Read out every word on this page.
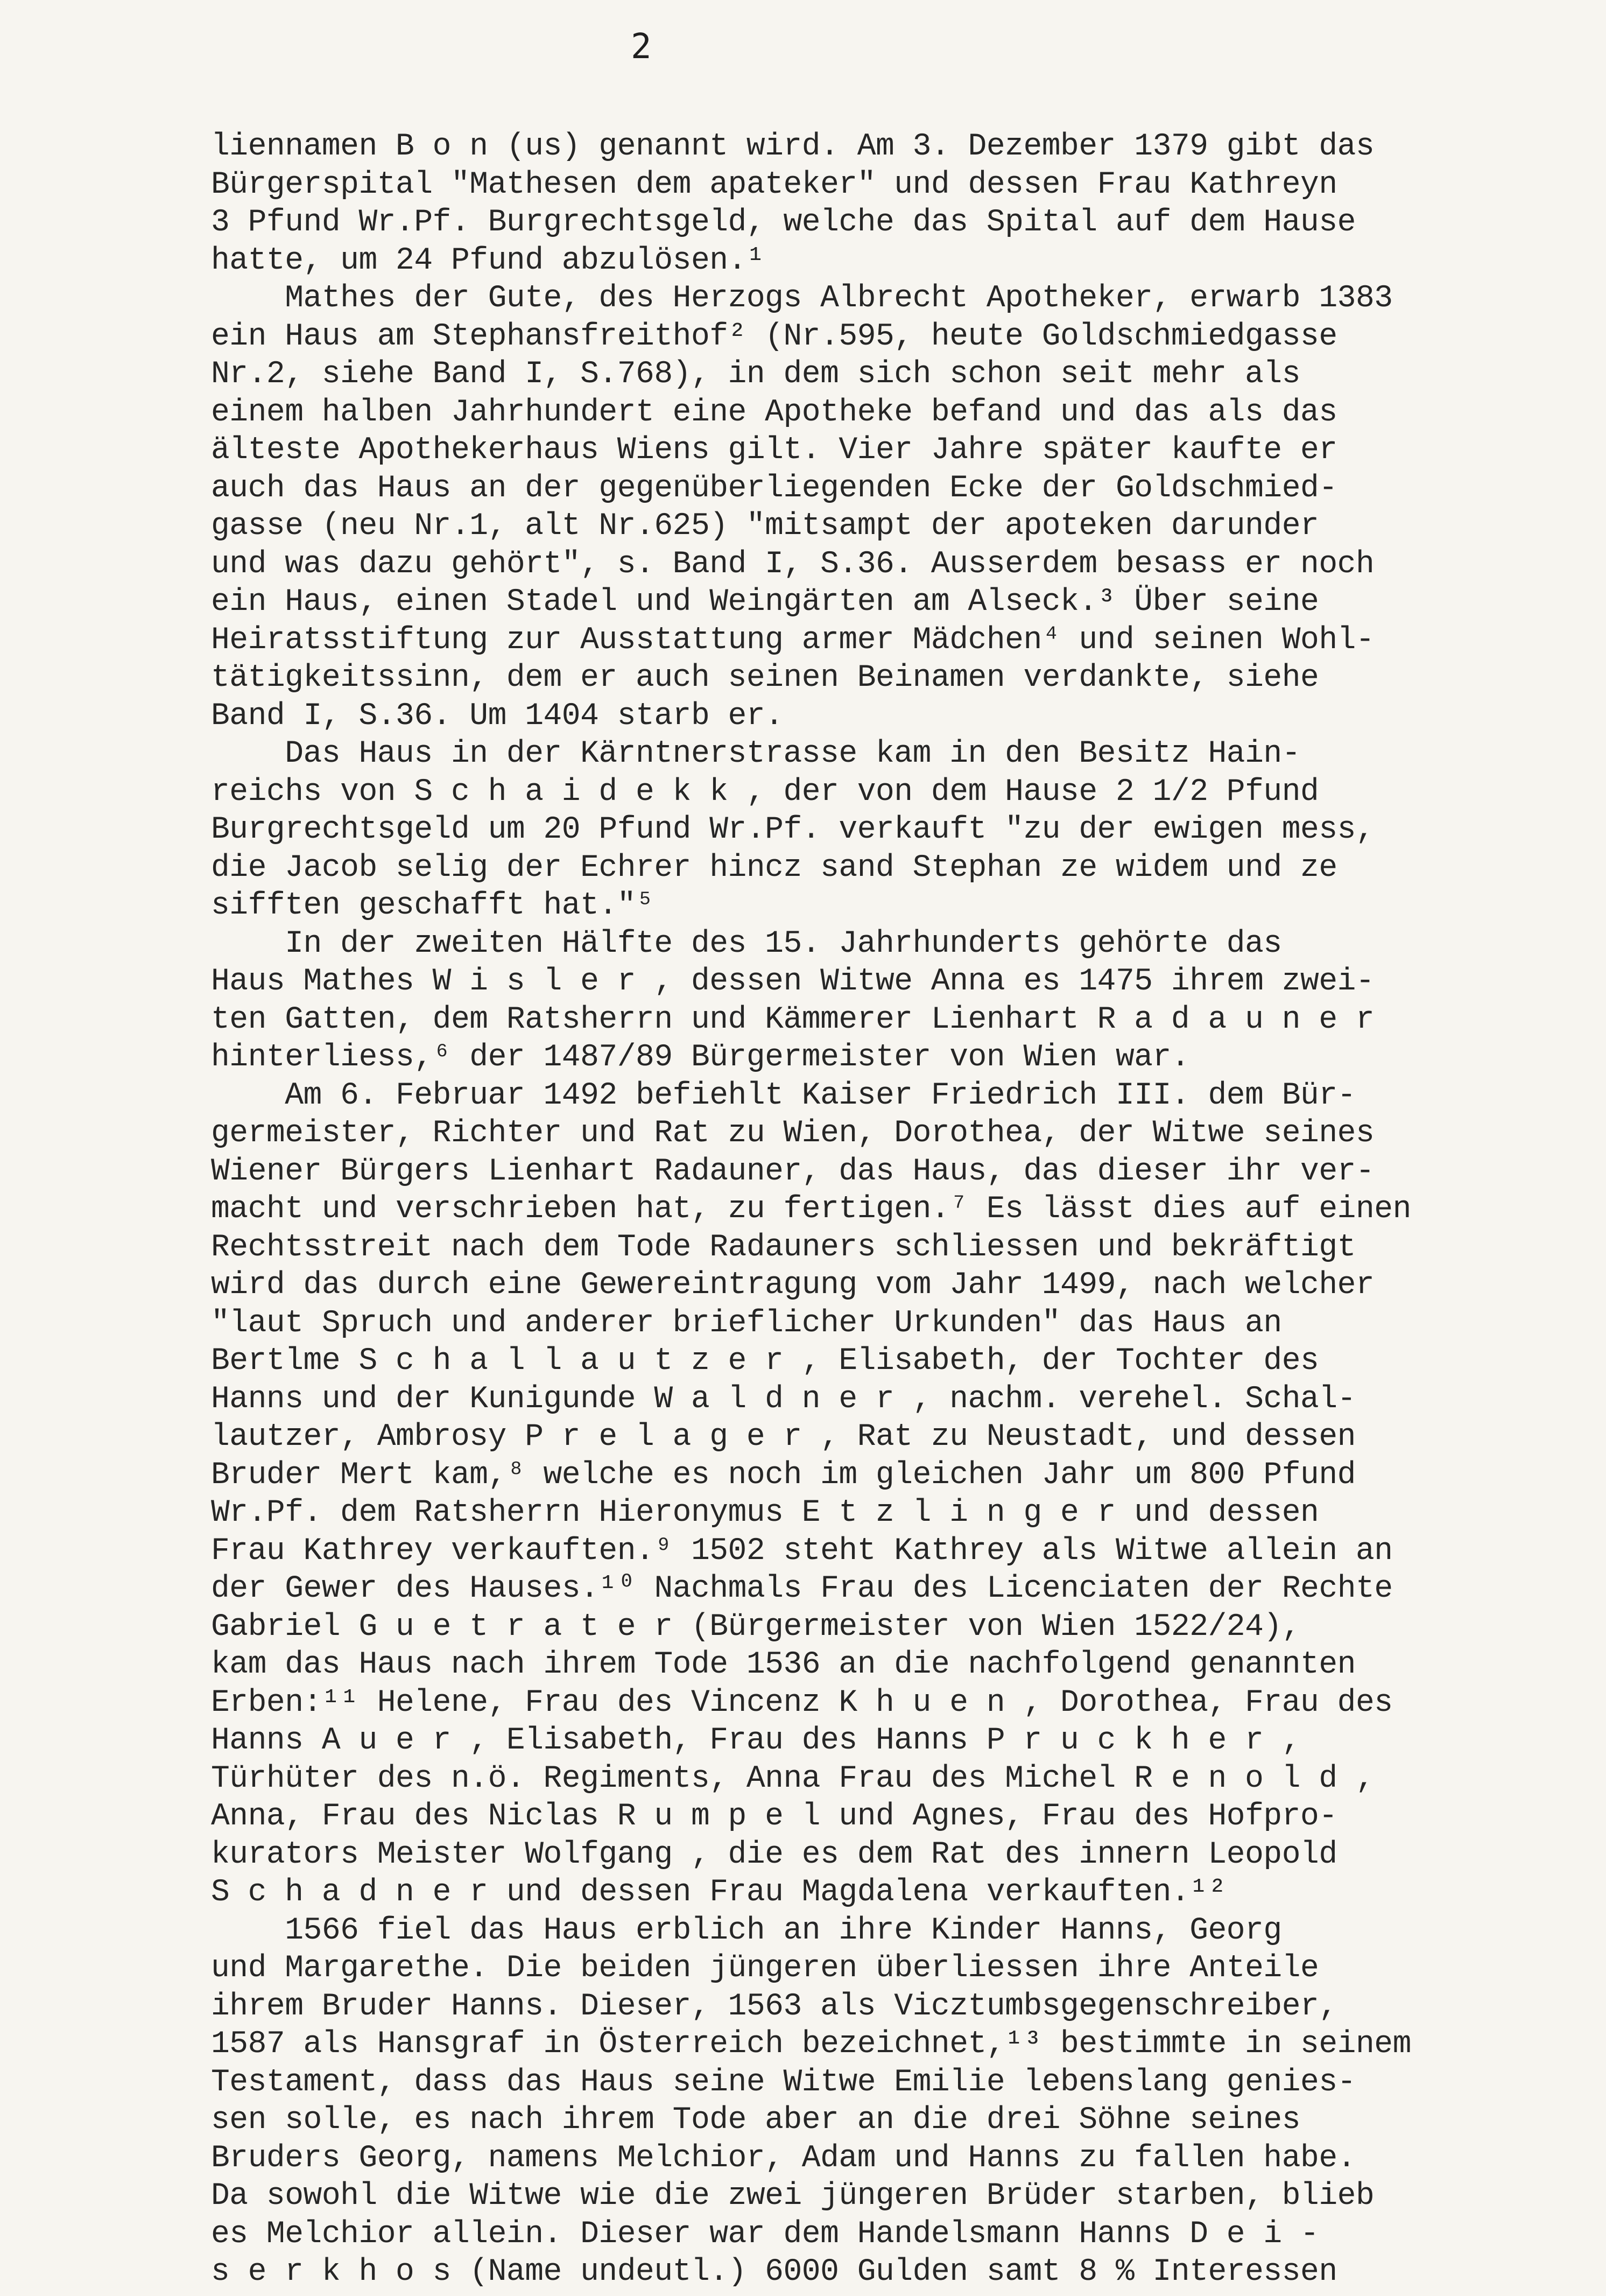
2

liennamen B o n (us) genannt wird. Am 3. Dezember 1379 gibt das
Bürgerspital "Mathesen dem apateker" und dessen Frau Kathreyn
3 Pfund Wr.Pf. Burgrechtsgeld, welche das Spital auf dem Hause
hatte, um 24 Pfund abzulösen.¹
Mathes der Gute, des Herzogs Albrecht Apotheker, erwarb 1383
ein Haus am Stephansfreithof² (Nr.595, heute Goldschmiedgasse
Nr.2, siehe Band I, S.768), in dem sich schon seit mehr als
einem halben Jahrhundert eine Apotheke befand und das als das
älteste Apothekerhaus Wiens gilt. Vier Jahre später kaufte er
auch das Haus an der gegenüberliegenden Ecke der Goldschmied-
gasse (neu Nr.1, alt Nr.625) "mitsampt der apoteken darunder
und was dazu gehört", s. Band I, S.36. Ausserdem besass er noch
ein Haus, einen Stadel und Weingärten am Alseck.³ Über seine
Heiratsstiftung zur Ausstattung armer Mädchen⁴ und seinen Wohl-
tätigkeitssinn, dem er auch seinen Beinamen verdankte, siehe
Band I, S.36. Um 1404 starb er.
Das Haus in der Kärntnerstrasse kam in den Besitz Hain-
reichs von S c h a i d e k k , der von dem Hause 2 1/2 Pfund
Burgrechtsgeld um 20 Pfund Wr.Pf. verkauft "zu der ewigen mess,
die Jacob selig der Echrer hincz sand Stephan ze widem und ze
sifften geschafft hat."⁵
In der zweiten Hälfte des 15. Jahrhunderts gehörte das
Haus Mathes W i s l e r , dessen Witwe Anna es 1475 ihrem zwei-
ten Gatten, dem Ratsherrn und Kämmerer Lienhart R a d a u n e r
hinterliess,⁶ der 1487/89 Bürgermeister von Wien war.
Am 6. Februar 1492 befiehlt Kaiser Friedrich III. dem Bür-
germeister, Richter und Rat zu Wien, Dorothea, der Witwe seines
Wiener Bürgers Lienhart Radauner, das Haus, das dieser ihr ver-
macht und verschrieben hat, zu fertigen.⁷ Es lässt dies auf einen
Rechtsstreit nach dem Tode Radauners schliessen und bekräftigt
wird das durch eine Gewereintragung vom Jahr 1499, nach welcher
"laut Spruch und anderer brieflicher Urkunden" das Haus an
Bertlme S c h a l l a u t z e r , Elisabeth, der Tochter des
Hanns und der Kunigunde W a l d n e r , nachm. verehel. Schal-
lautzer, Ambrosy P r e l a g e r , Rat zu Neustadt, und dessen
Bruder Mert kam,⁸ welche es noch im gleichen Jahr um 800 Pfund
Wr.Pf. dem Ratsherrn Hieronymus E t z l i n g e r und dessen
Frau Kathrey verkauften.⁹ 1502 steht Kathrey als Witwe allein an
der Gewer des Hauses.¹⁰ Nachmals Frau des Licenciaten der Rechte
Gabriel G u e t r a t e r (Bürgermeister von Wien 1522/24),
kam das Haus nach ihrem Tode 1536 an die nachfolgend genannten
Erben:¹¹ Helene, Frau des Vincenz K h u e n , Dorothea, Frau des
Hanns A u e r , Elisabeth, Frau des Hanns P r u c k h e r ,
Türhüter des n.ö. Regiments, Anna Frau des Michel R e n o l d ,
Anna, Frau des Niclas R u m p e l und Agnes, Frau des Hofpro-
kurators Meister Wolfgang , die es dem Rat des innern Leopold
S c h a d n e r und dessen Frau Magdalena verkauften.¹²
1566 fiel das Haus erblich an ihre Kinder Hanns, Georg
und Margarethe. Die beiden jüngeren überliessen ihre Anteile
ihrem Bruder Hanns. Dieser, 1563 als Vicztumbsgegenschreiber,
1587 als Hansgraf in Österreich bezeichnet,¹³ bestimmte in seinem
Testament, dass das Haus seine Witwe Emilie lebenslang genies-
sen solle, es nach ihrem Tode aber an die drei Söhne seines
Bruders Georg, namens Melchior, Adam und Hanns zu fallen habe.
Da sowohl die Witwe wie die zwei jüngeren Brüder starben, blieb
es Melchior allein. Dieser war dem Handelsmann Hanns D e i -
s e r k h o s (Name undeutl.) 6000 Gulden samt 8 % Interessen
